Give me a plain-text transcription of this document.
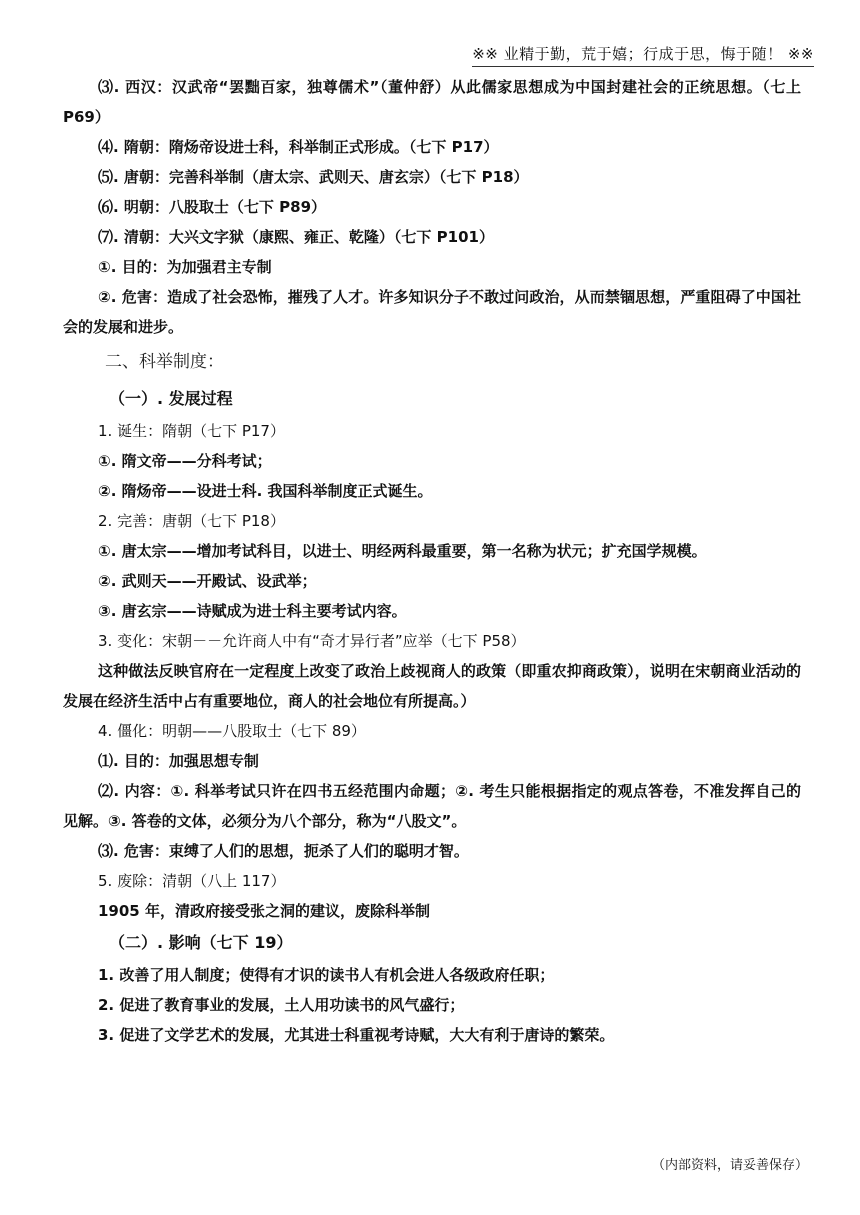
※※ 业精于勤，荒于嬉；行成于思，悔于随！ ※※
⑶. 西汉：汉武帝“罢黜百家，独尊儒术”（董仲舒）从此儒家思想成为中国封建社会的正统思想。（七上 P69）
⑷. 隋朝：隋炀帝设进士科，科举制正式形成。（七下 P17）
⑸. 唐朝：完善科举制（唐太宗、武则天、唐玄宗）（七下 P18）
⑹. 明朝：八股取士（七下 P89）
⑺. 清朝：大兴文字狱（康熙、雍正、乾隆）（七下 P101）
①. 目的：为加强君主专制
②. 危害：造成了社会恐怖，摧残了人才。许多知识分子不敢过问政治，从而禁锢思想，严重阻碍了中国社会的发展和进步。
二、科举制度：
（一）. 发展过程
1. 诞生：隋朝（七下 P17）
①. 隋文帝——分科考试；
②. 隋炀帝——设进士科. 我国科举制度正式诞生。
2. 完善：唐朝（七下 P18）
①. 唐太宗——增加考试科目，以进士、明经两科最重要，第一名称为状元；扩充国学规模。
②. 武则天——开殿试、设武举；
③. 唐玄宗——诗赋成为进士科主要考试内容。
3. 变化：宋朝－－允许商人中有“奇才异行者”应举（七下 P58）
这种做法反映官府在一定程度上改变了政治上歧视商人的政策（即重农抑商政策），说明在宋朝商业活动的发展在经济生活中占有重要地位，商人的社会地位有所提高。）
4. 僵化：明朝——八股取士（七下 89）
⑴. 目的：加强思想专制
⑵. 内容：①. 科举考试只许在四书五经范围内命题；②. 考生只能根据指定的观点答卷，不准发挥自己的见解。③. 答卷的文体，必须分为八个部分，称为“八股文”。
⑶. 危害：束缚了人们的思想，扼杀了人们的聪明才智。
5. 废除：清朝（八上 117）
1905 年，清政府接受张之洞的建议，废除科举制
（二）. 影响（七下 19）
1. 改善了用人制度；使得有才识的读书人有机会进人各级政府任职；
2. 促进了教育事业的发展，土人用功读书的风气盛行；
3. 促进了文学艺术的发展，尤其进士科重视考诗赋，大大有利于唐诗的繁荣。
（内部资料，请妥善保存）
